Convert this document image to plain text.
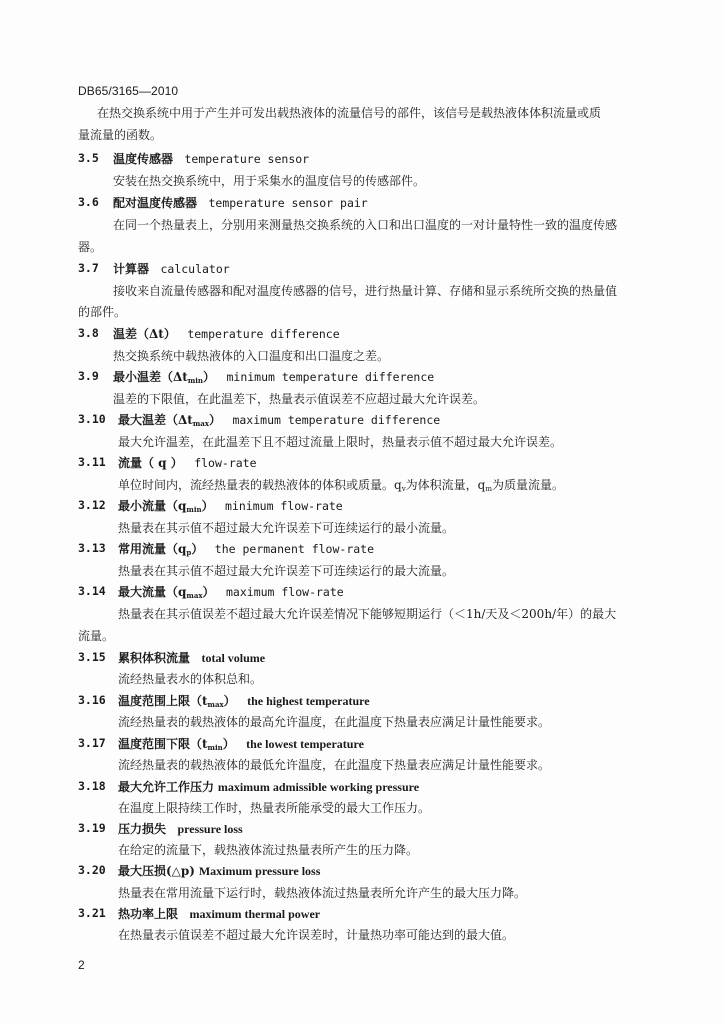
DB65/3165—2010
在热交换系统中用于产生并可发出载热液体的流量信号的部件，该信号是载热液体体积流量或质
量流量的函数。
3.5 温度传感器 temperature sensor
安装在热交换系统中，用于采集水的温度信号的传感部件。
3.6 配对温度传感器 temperature sensor pair
在同一个热量表上，分别用来测量热交换系统的入口和出口温度的一对计量特性一致的温度传感
器。
3.7 计算器 calculator
接收来自流量传感器和配对温度传感器的信号，进行热量计算、存储和显示系统所交换的热量值
的部件。
3.8 温差（Δt） temperature difference
热交换系统中载热液体的入口温度和出口温度之差。
3.9 最小温差$(\Delta t_{min})$ minimum temperature difference
温差的下限值，在此温差下，热量表示值误差不应超过最大允许误差。
3.10 最大温差$(\Delta t_{max})$ maximum temperature difference
最大允许温差，在此温差下且不超过流量上限时，热量表示值不超过最大允许误差。
3.11 流量（ q ） flow-rate
单位时间内，流经热量表的载热液体的体积或质量。$q_v$为体积流量，$q_m$为质量流量。
3.12 最小流量$(q_{min})$ minimum flow-rate
热量表在其示值不超过最大允许误差下可连续运行的最小流量。
3.13 常用流量$(q_p)$ the permanent flow-rate
热量表在其示值不超过最大允许误差下可连续运行的最大流量。
3.14 最大流量$(q_{max})$ maximum flow-rate
热量表在其示值误差不超过最大允许误差情况下能够短期运行（＜1h/天及＜200h/年）的最大
流量。
3.15 累积体积流量 total volume
流经热量表水的体积总和。
3.16 温度范围上限$(t_{max})$ the highest temperature
流经热量表的载热液体的最高允许温度，在此温度下热量表应满足计量性能要求。
3.17 温度范围下限$(t_{min})$ the lowest temperature
流经热量表的载热液体的最低允许温度，在此温度下热量表应满足计量性能要求。
3.18 最大允许工作压力 maximum admissible working pressure
在温度上限持续工作时，热量表所能承受的最大工作压力。
3.19 压力损失 pressure loss
在给定的流量下，载热液体流过热量表所产生的压力降。
3.20 最大压损(△p) Maximum pressure loss
热量表在常用流量下运行时，载热液体流过热量表所允许产生的最大压力降。
3.21 热功率上限 maximum thermal power
在热量表示值误差不超过最大允许误差时，计量热功率可能达到的最大值。
2
